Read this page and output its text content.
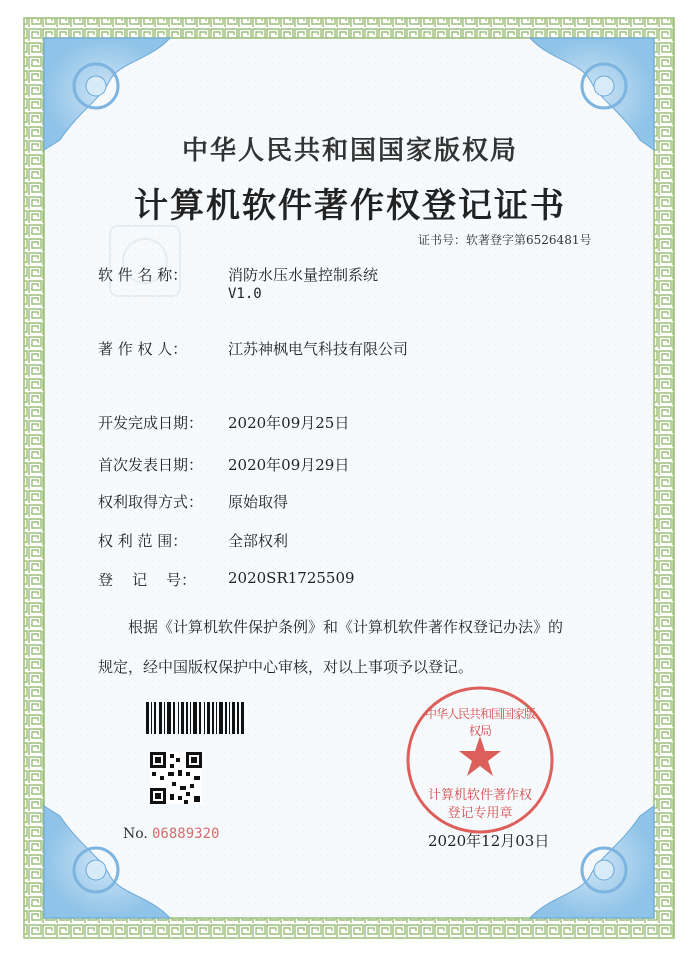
中华人民共和国国家版权局
计算机软件著作权登记证书
证书号：软著登字第6526481号
软 件 名 称：	消防水压水量控制系统
V1.0
著 作 权 人：	江苏神枫电气科技有限公司
开发完成日期： 2020年09月25日
首次发表日期： 2020年09月29日
权利取得方式： 原始取得
权 利 范 围：	全部权利
登    记    号： 2020SR1725509
根据《计算机软件保护条例》和《计算机软件著作权登记办法》的
规定，经中国版权保护中心审核，对以上事项予以登记。
中华人民共和国国家版权局
计算机软件著作权
登记专用章
No. 06889320	2020年12月03日
